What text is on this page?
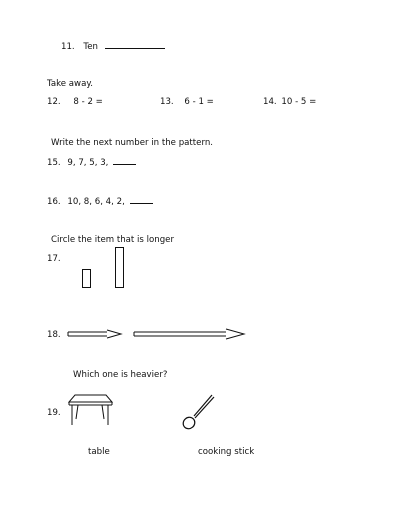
11. Ten
Take away.
12. 8 - 2 =	13. 6 - 1 =	14. 10 - 5 =
Write the next number in the pattern.
15. 9, 7, 5, 3,
16. 10, 8, 6, 4, 2,
Circle the item that is longer
17.
18.
Which one is heavier?
19.
table	cooking stick
